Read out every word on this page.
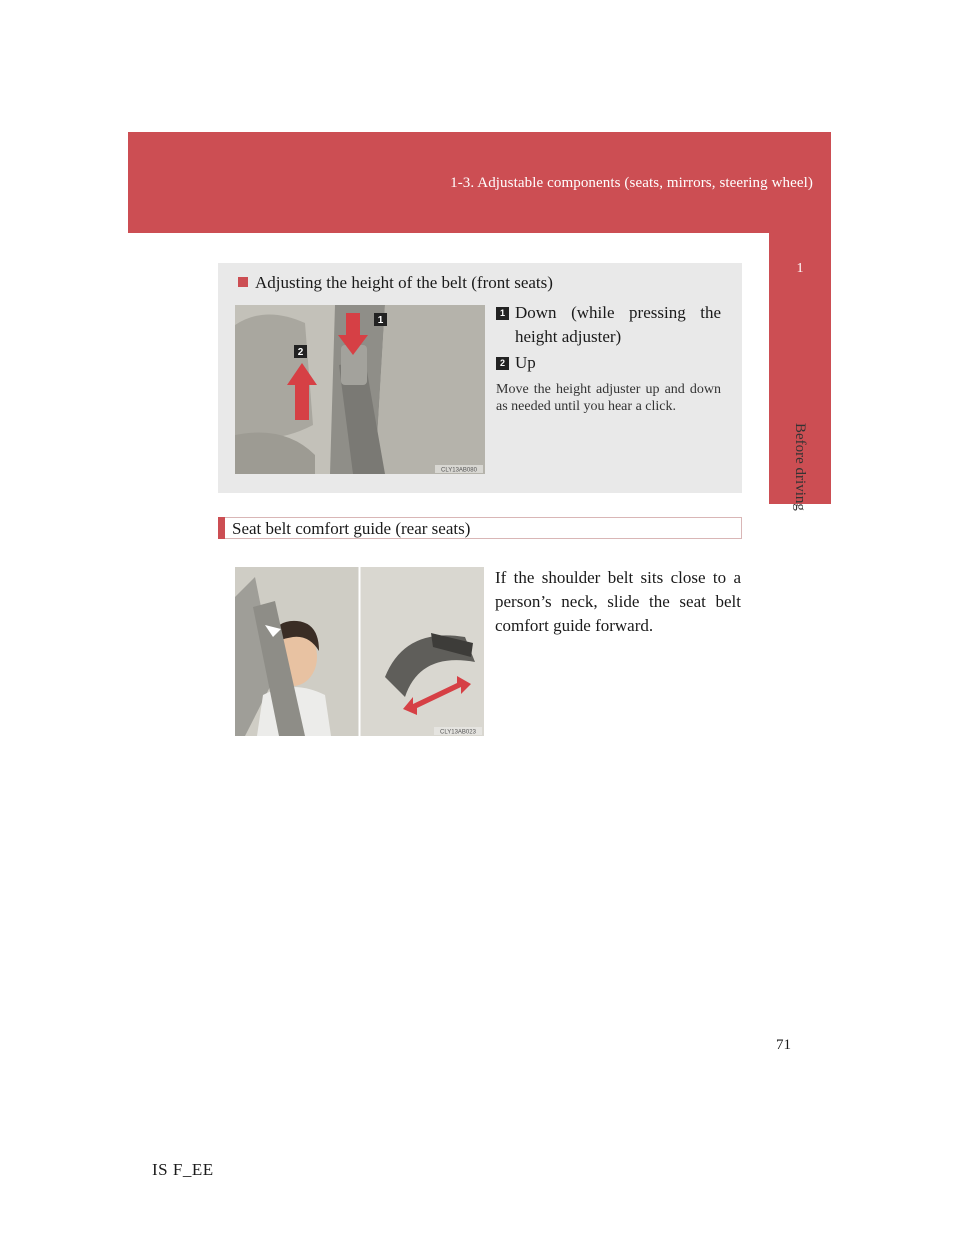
1-3. Adjustable components (seats, mirrors, steering wheel)
1
Before driving
Adjusting the height of the belt (front seats)
1
2
CLY13AB080
1 Down (while pressing the height adjuster)
2 Up
Move the height adjuster up and down as needed until you hear a click.
Seat belt comfort guide (rear seats)
CLY13AB023
If the shoulder belt sits close to a person’s neck, slide the seat belt comfort guide forward.
71
IS F_EE
